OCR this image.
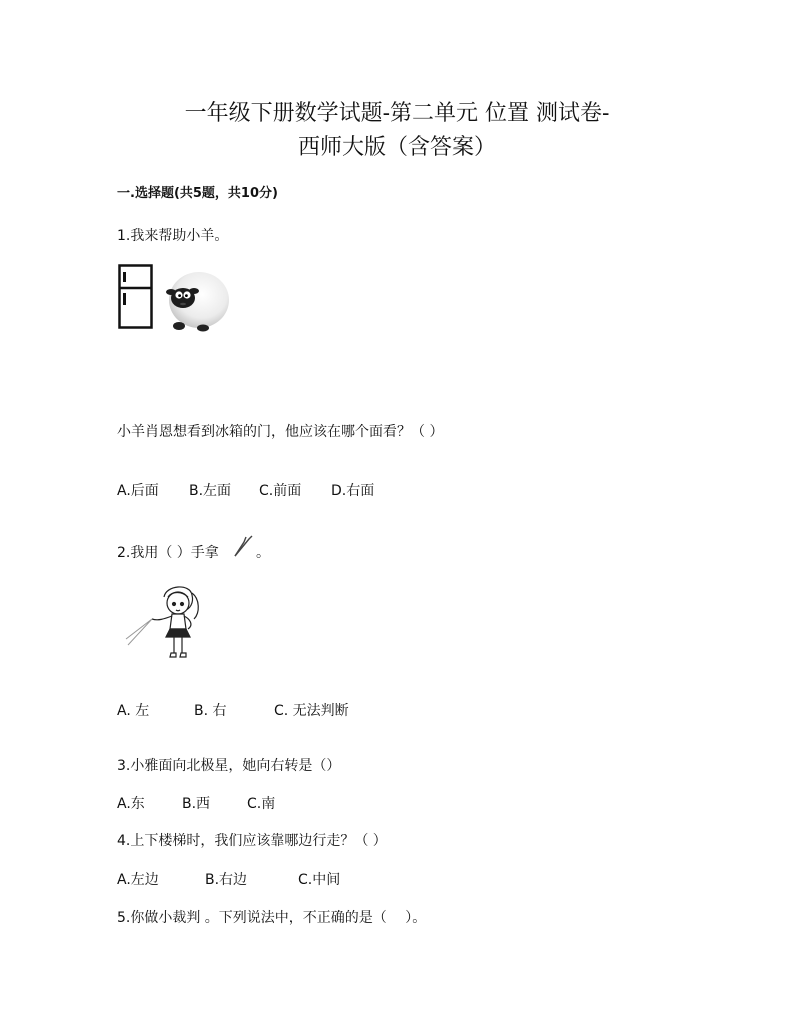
一年级下册数学试题-第二单元 位置 测试卷-
西师大版（含答案）
一.选择题(共5题，共10分)
1.我来帮助小羊。
小羊肖恩想看到冰箱的门，他应该在哪个面看？（ ）
A.后面 B.左面 C.前面 D.右面
2.我用（ ）手拿	。
A. 左	B. 右	C. 无法判断
3.小雅面向北极星，她向右转是（）
A.东	B.西	C.南
4.上下楼梯时，我们应该靠哪边行走？（ ）
A.左边	B.右边	C.中间
5.你做小裁判 。下列说法中，不正确的是（　 ）。
